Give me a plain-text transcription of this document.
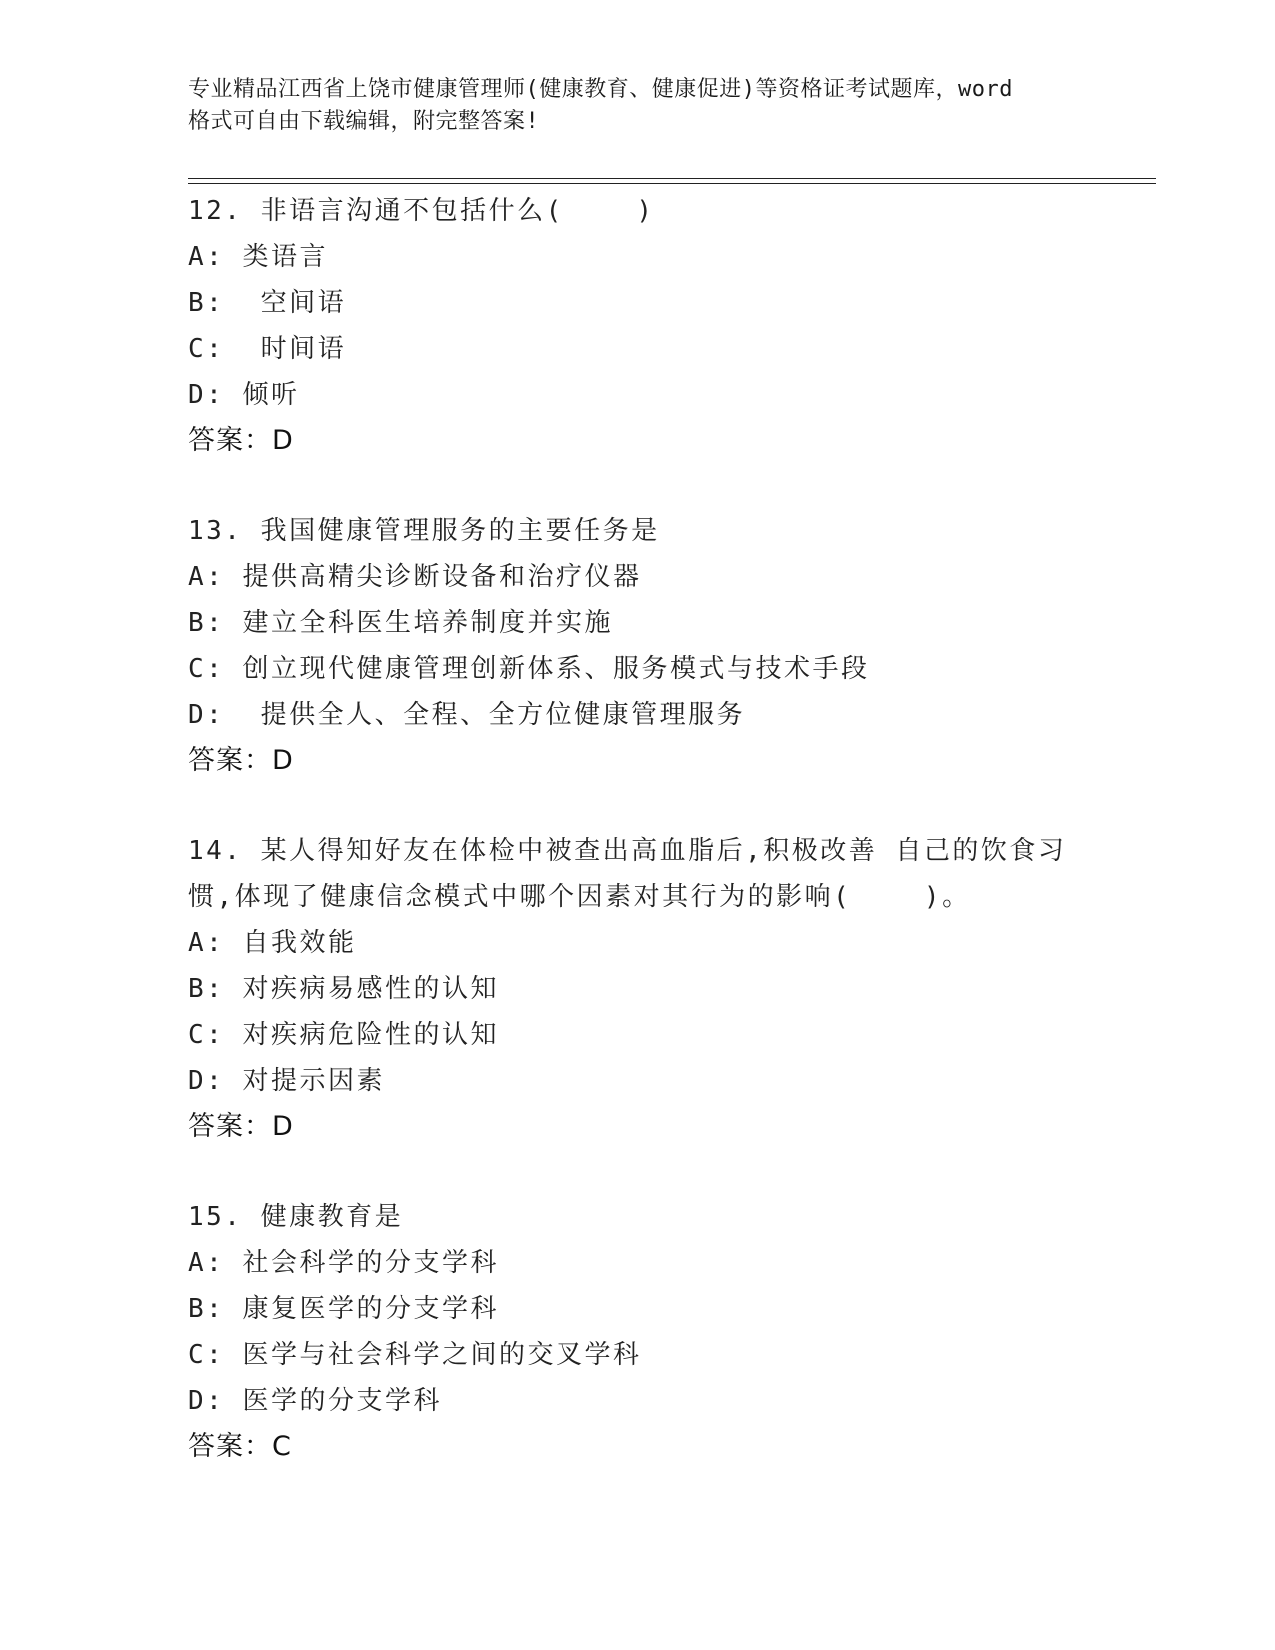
专业精品江西省上饶市健康管理师(健康教育、健康促进)等资格证考试题库，word
格式可自由下载编辑，附完整答案!
12. 非语言沟通不包括什么(    )
A: 类语言
B:  空间语
C:  时间语
D: 倾听
答案：D
13. 我国健康管理服务的主要任务是
A: 提供高精尖诊断设备和治疗仪器
B: 建立全科医生培养制度并实施
C: 创立现代健康管理创新体系、服务模式与技术手段
D:  提供全人、全程、全方位健康管理服务
答案：D
14. 某人得知好友在体检中被查出高血脂后,积极改善 自己的饮食习惯,体现了健康信念模式中哪个因素对其行为的影响(    )。
A: 自我效能
B: 对疾病易感性的认知
C: 对疾病危险性的认知
D: 对提示因素
答案：D
15. 健康教育是
A: 社会科学的分支学科
B: 康复医学的分支学科
C: 医学与社会科学之间的交叉学科
D: 医学的分支学科
答案：C
